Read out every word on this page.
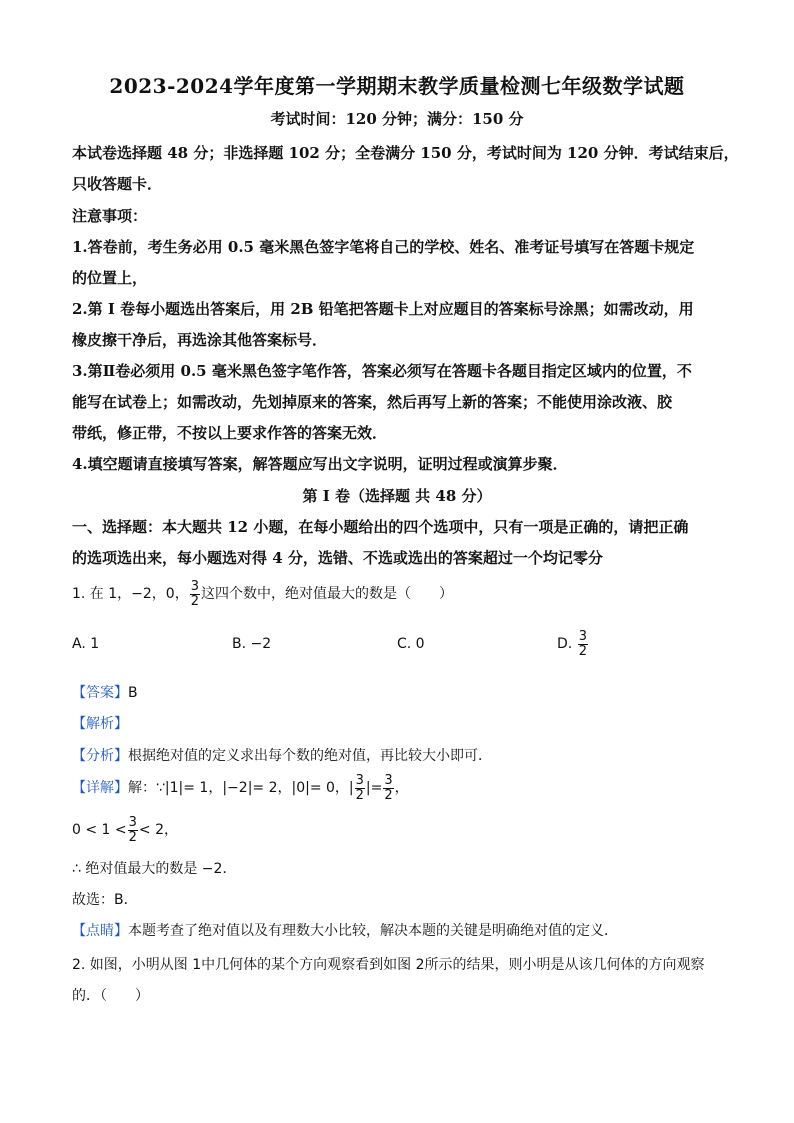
2023-2024学年度第一学期期末教学质量检测七年级数学试题
考试时间：120 分钟；满分：150 分
本试卷选择题 48 分；非选择题 102 分；全卷满分 150 分，考试时间为 120 分钟．考试结束后，
只收答题卡．
注意事项：
1.答卷前，考生务必用 0.5 毫米黑色签字笔将自己的学校、姓名、准考证号填写在答题卡规定
的位置上，
2.第 I 卷每小题选出答案后，用 2B 铅笔把答题卡上对应题目的答案标号涂黑；如需改动，用
橡皮擦干净后，再选涂其他答案标号．
3.第Ⅱ卷必须用 0.5 毫米黑色签字笔作答，答案必须写在答题卡各题目指定区域内的位置，不
能写在试卷上；如需改动，先划掉原来的答案，然后再写上新的答案；不能使用涂改液、胶
带纸，修正带，不按以上要求作答的答案无效．
4.填空题请直接填写答案，解答题应写出文字说明，证明过程或演算步聚．
第 I 卷（选择题 共 48 分）
一、选择题：本大题共 12 小题，在每小题给出的四个选项中，只有一项是正确的，请把正确
的选项选出来，每小题选对得 4 分，选错、不选或选出的答案超过一个均记零分
1. 在 1，−2，0， $\frac{3}{2}$ 这四个数中，绝对值最大的数是（　　）
A. 1	B. −2	C. 0	D. $\frac{3}{2}$
【答案】B
【解析】
【分析】根据绝对值的定义求出每个数的绝对值，再比较大小即可．
【详解】解：∵|1|= 1，|−2|= 2，|0|= 0，| $\frac{3}{2}$ |= $\frac{3}{2}$ ，
$0 < 1 < \frac{3}{2} < 2$，
∴ 绝对值最大的数是 −2．
故选：B．
【点睛】本题考查了绝对值以及有理数大小比较，解决本题的关键是明确绝对值的定义．
2. 如图，小明从图 1中几何体的某个方向观察看到如图 2所示的结果，则小明是从该几何体的方向观察
的．（　　）
